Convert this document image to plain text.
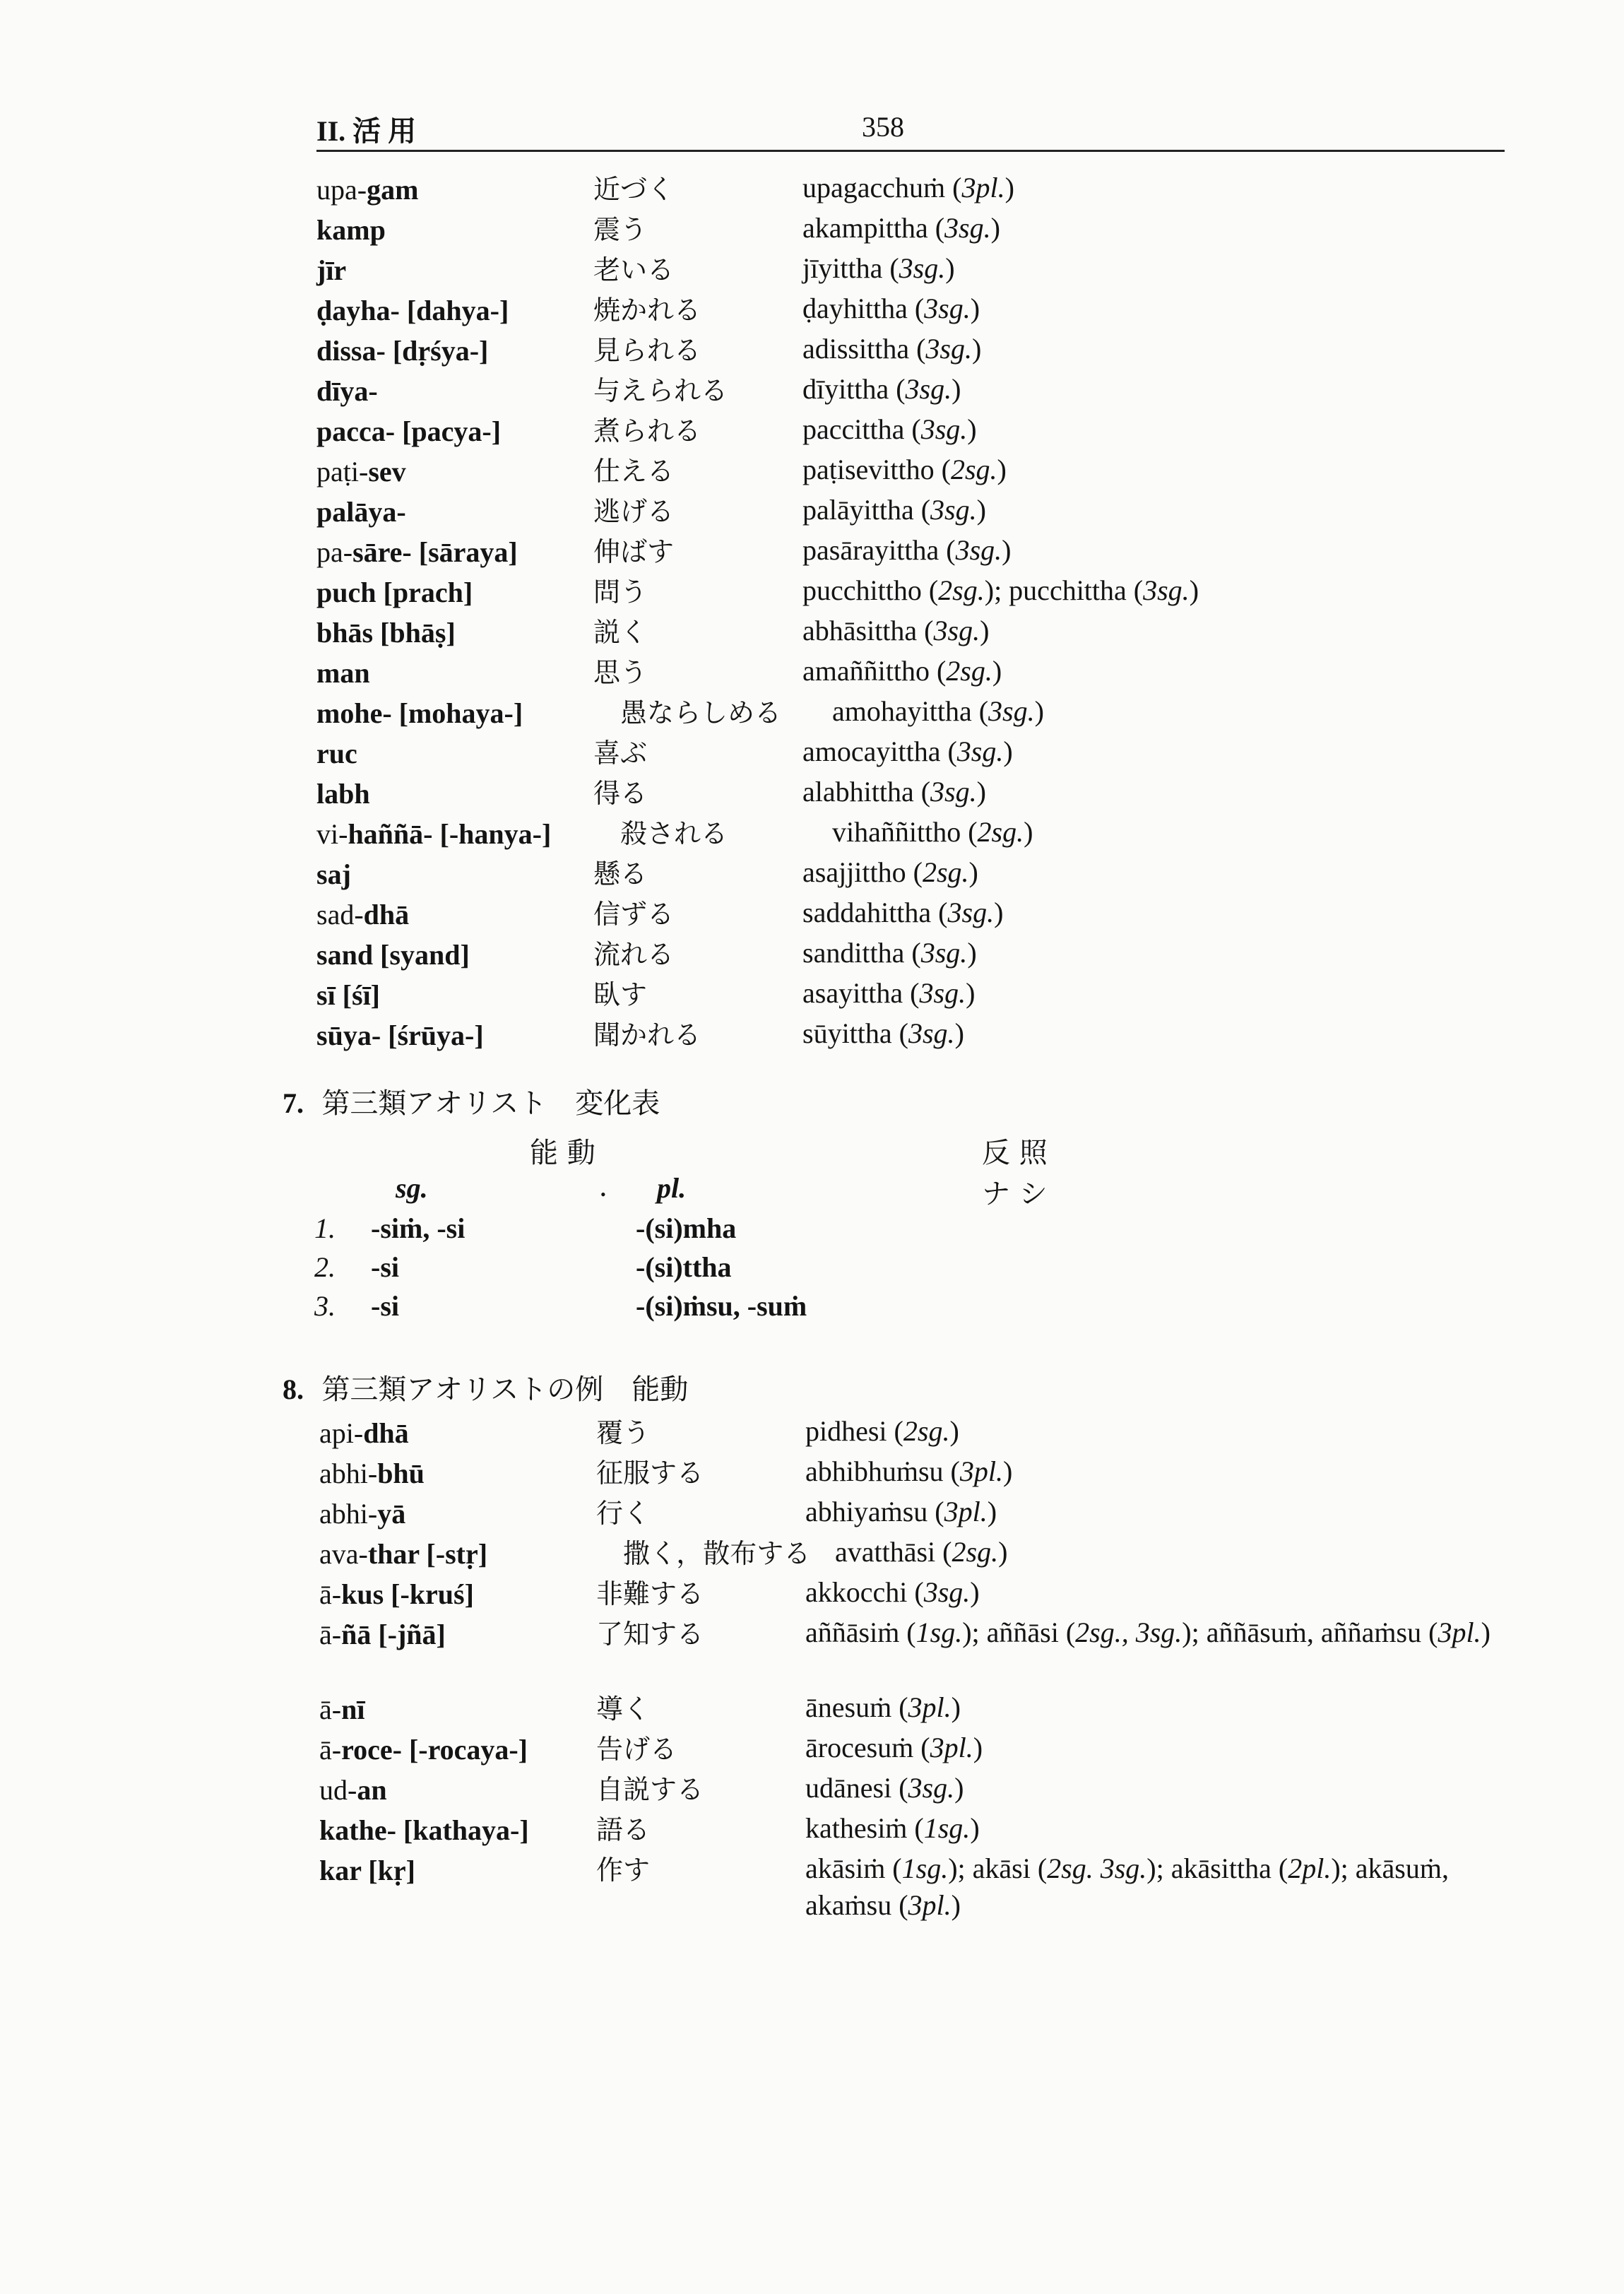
II. 活 用	358
upa-gam	近づく	upagacchuṁ (3pl.)
kamp	震う	akampittha (3sg.)
jīr	老いる	jīyittha (3sg.)
ḍayha- [dahya-]	焼かれる	ḍayhittha (3sg.)
dissa- [dṛśya-]	見られる	adissittha (3sg.)
dīya-	与えられる	dīyittha (3sg.)
pacca- [pacya-]	煮られる	paccittha (3sg.)
paṭi-sev	仕える	paṭisevittho (2sg.)
palāya-	逃げる	palāyittha (3sg.)
pa-sāre- [sāraya]	伸ばす	pasārayittha (3sg.)
puch [prach]	問う	pucchittho (2sg.); pucchittha (3sg.)
bhās [bhāṣ]	説く	abhāsittha (3sg.)
man	思う	amaññittho (2sg.)
mohe- [mohaya-]	愚ならしめる amohayittha (3sg.)
ruc	喜ぶ	amocayittha (3sg.)
labh	得る	alabhittha (3sg.)
vi-haññā- [-hanya-]	殺される	vihaññittho (2sg.)
saj	懸る	asajjittho (2sg.)
sad-dhā	信ずる	saddahittha (3sg.)
sand [syand]	流れる	sandittha (3sg.)
sī [śī]	臥す	asayittha (3sg.)
sūya- [śrūya-]	聞かれる	sūyittha (3sg.)
7. 第三類アオリスト　変化表
能 動	反 照
sg.	• pl.	ナ シ
1. -siṁ, -si	-(si)mha
2. -si	-(si)ttha
3. -si	-(si)ṁsu, -suṁ
8. 第三類アオリストの例　能動
api-dhā	覆う	pidhesi (2sg.)
abhi-bhū	征服する	abhibhuṁsu (3pl.)
abhi-yā	行く	abhiyaṁsu (3pl.)
ava-thar [-stṛ]	撒く，散布する avatthāsi (2sg.)
ā-kus [-kruś]	非難する	akkocchi (3sg.)
ā-ñā [-jñā]	了知する	aññāsiṁ (1sg.); aññāsi (2sg., 3sg.); aññāsuṁ, aññaṁsu (3pl.)
ā-nī	導く	ānesuṁ (3pl.)
ā-roce- [-rocaya-]	告げる	ārocesuṁ (3pl.)
ud-an	自説する	udānesi (3sg.)
kathe- [kathaya-]	語る	kathesiṁ (1sg.)
kar [kṛ]	作す	akāsiṁ (1sg.); akāsi (2sg. 3sg.); akāsittha (2pl.); akāsuṁ, akaṁsu (3pl.)
